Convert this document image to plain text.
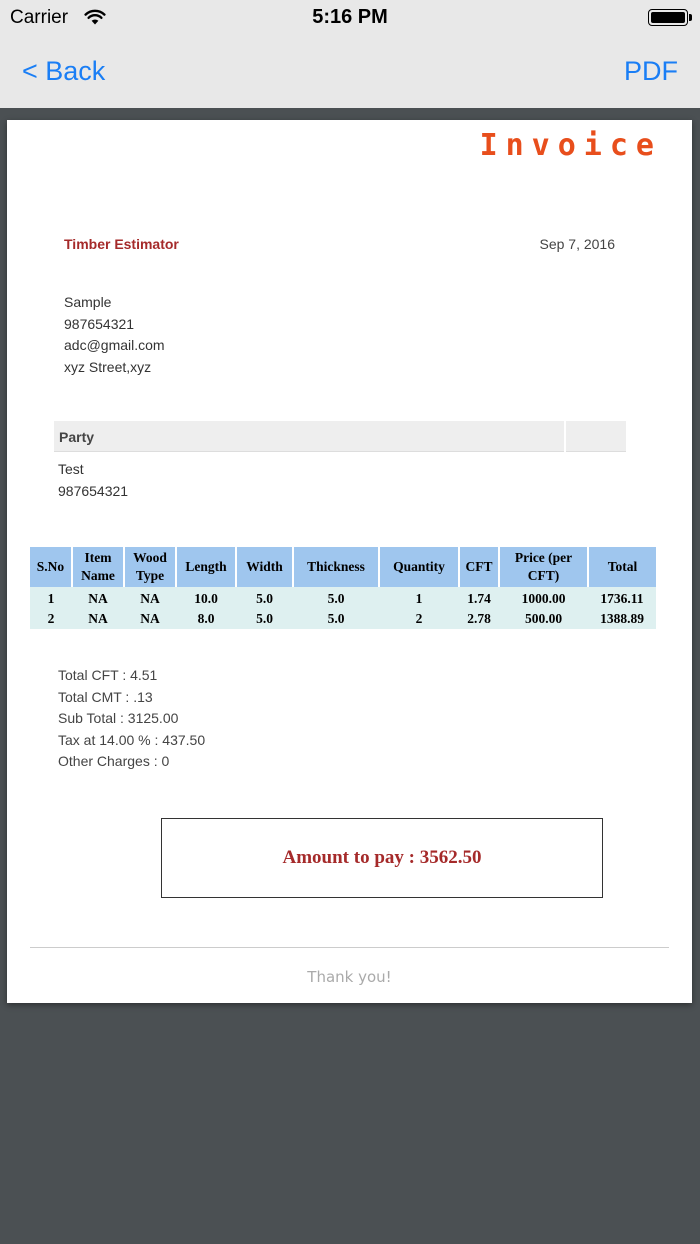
Carrier	5:16 PM
< Back	PDF
Invoice
Timber Estimator	Sep 7, 2016
Sample
987654321
adc@gmail.com
xyz Street,xyz
Party
Test
987654321
S.No	Item Name	Wood Type	Length	Width	Thickness	Quantity	CFT	Price (per CFT)	Total
1	NA	NA	10.0	5.0	5.0	1	1.74	1000.00	1736.11
2	NA	NA	8.0	5.0	5.0	2	2.78	500.00	1388.89
Total CFT : 4.51
Total CMT : .13
Sub Total : 3125.00
Tax at 14.00 % : 437.50
Other Charges : 0
Amount to pay : 3562.50
Thank you!
